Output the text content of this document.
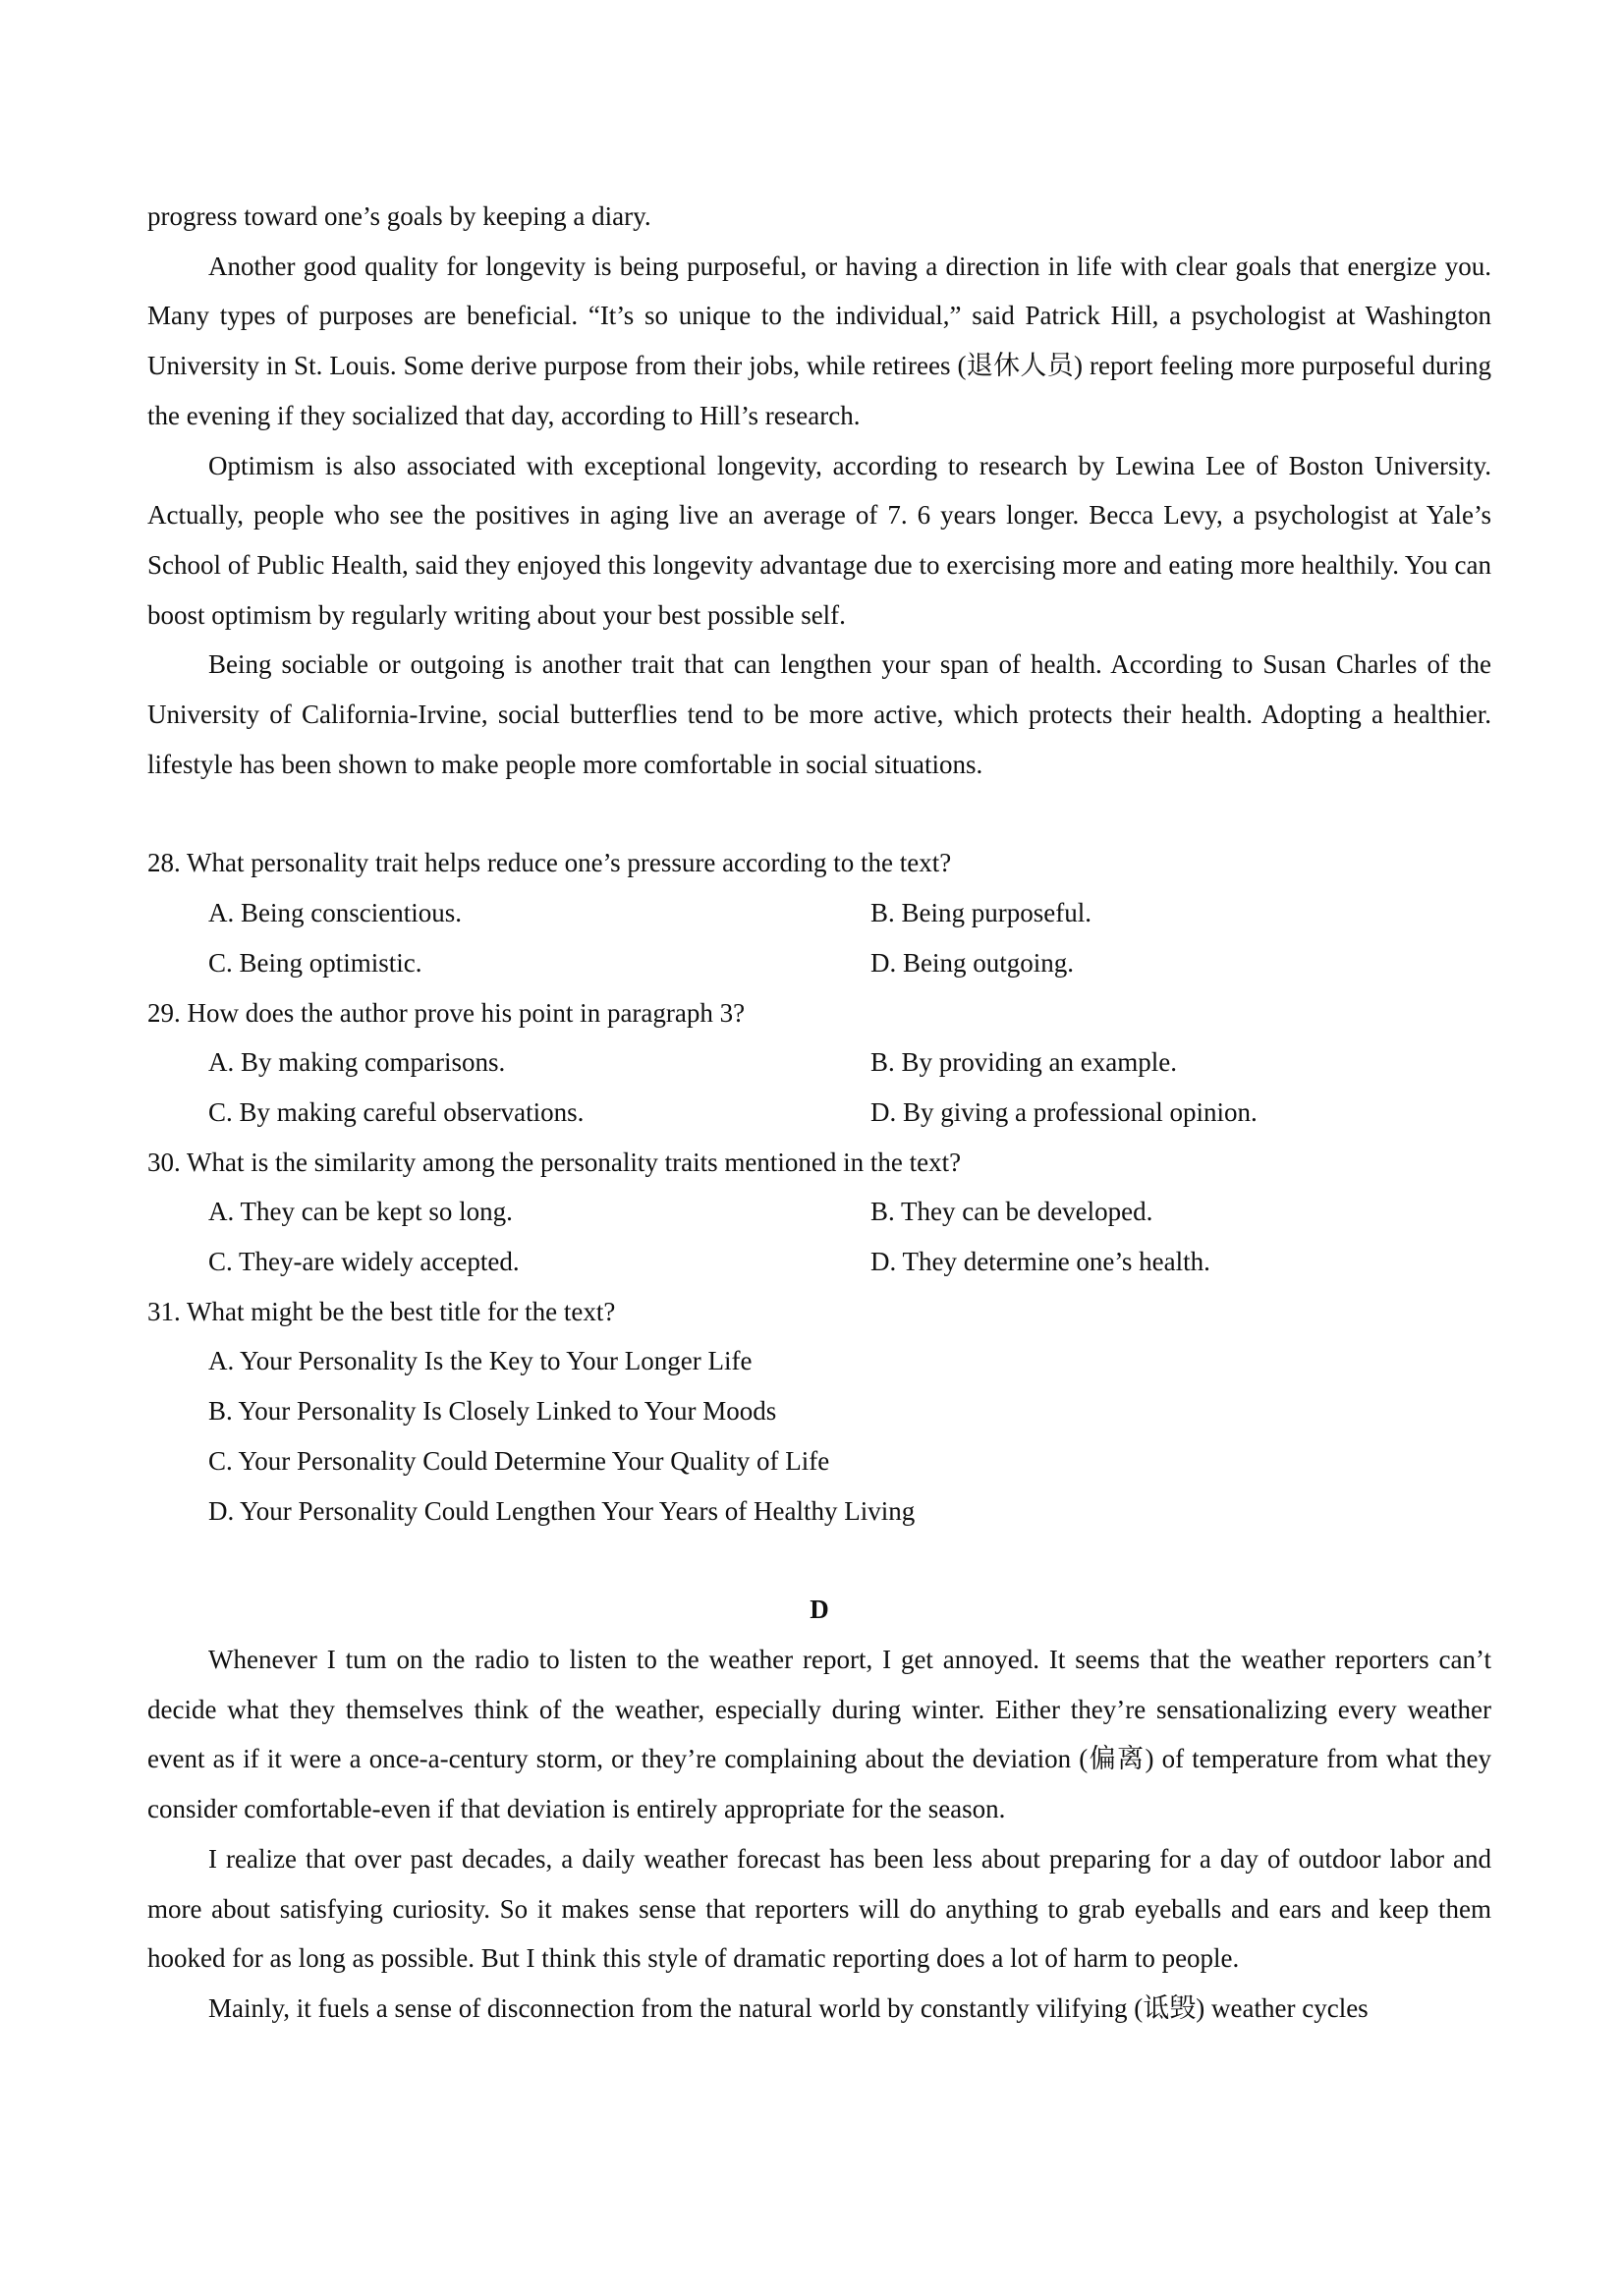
progress toward one’s goals by keeping a diary.

Another good quality for longevity is being purposeful, or having a direction in life with clear goals that energize you. Many types of purposes are beneficial. “It’s so unique to the individual,” said Patrick Hill, a psychologist at Washington University in St. Louis. Some derive purpose from their jobs, while retirees (退休人员) report feeling more purposeful during the evening if they socialized that day, according to Hill’s research.

Optimism is also associated with exceptional longevity, according to research by Lewina Lee of Boston University. Actually, people who see the positives in aging live an average of 7. 6 years longer. Becca Levy, a psychologist at Yale’s School of Public Health, said they enjoyed this longevity advantage due to exercising more and eating more healthily. You can boost optimism by regularly writing about your best possible self.

Being sociable or outgoing is another trait that can lengthen your span of health. According to Susan Charles of the University of California-Irvine, social butterflies tend to be more active, which protects their health. Adopting a healthier. lifestyle has been shown to make people more comfortable in social situations.

28. What personality trait helps reduce one’s pressure according to the text?

A. Being conscientious.	B. Being purposeful.

C. Being optimistic.	D. Being outgoing.

29. How does the author prove his point in paragraph 3?

A. By making comparisons.	B. By providing an example.

C. By making careful observations.	D. By giving a professional opinion.

30. What is the similarity among the personality traits mentioned in the text?

A. They can be kept so long.	B. They can be developed.

C. They-are widely accepted.	D. They determine one’s health.

31. What might be the best title for the text?

A. Your Personality Is the Key to Your Longer Life

B. Your Personality Is Closely Linked to Your Moods

C. Your Personality Could Determine Your Quality of Life

D. Your Personality Could Lengthen Your Years of Healthy Living

D

Whenever I tum on the radio to listen to the weather report, I get annoyed. It seems that the weather reporters can’t decide what they themselves think of the weather, especially during winter. Either they’re sensationalizing every weather event as if it were a once-a-century storm, or they’re complaining about the deviation (偏离) of temperature from what they consider comfortable-even if that deviation is entirely appropriate for the season.

I realize that over past decades, a daily weather forecast has been less about preparing for a day of outdoor labor and more about satisfying curiosity. So it makes sense that reporters will do anything to grab eyeballs and ears and keep them hooked for as long as possible. But I think this style of dramatic reporting does a lot of harm to people.

Mainly, it fuels a sense of disconnection from the natural world by constantly vilifying (诋毁) weather cycles
